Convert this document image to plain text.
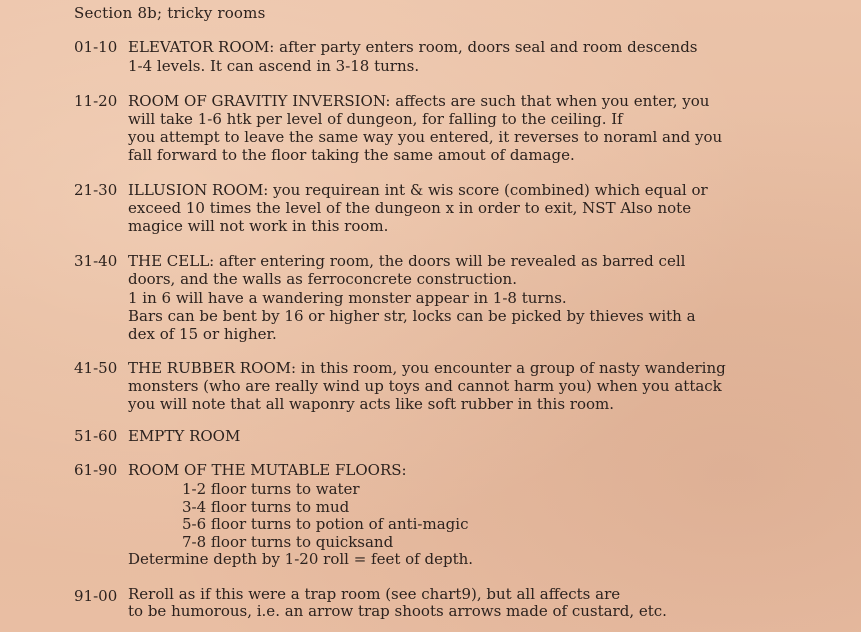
Section 8b; tricky rooms
01-10 ELEVATOR ROOM: after party enters room, doors seal and room descends
1-4 levels. It can ascend in 3-18 turns.
11-20 ROOM OF GRAVITIY INVERSION: affects are such that when you enter, you
will take 1-6 htk per level of dungeon, for falling to the ceiling. If
you attempt to leave the same way you entered, it reverses to noraml and you
fall forward to the floor taking the same amout of damage.
21-30 ILLUSION ROOM: you requirean int & wis score (combined) which equal or
exceed 10 times the level of the dungeon x in order to exit, NST Also note
magice will not work in this room.
31-40 THE CELL: after entering room, the doors will be revealed as barred cell
doors, and the walls as ferroconcrete construction.
1 in 6 will have a wandering monster appear in 1-8 turns.
Bars can be bent by 16 or higher str, locks can be picked by thieves with a
dex of 15 or higher.
41-50 THE RUBBER ROOM: in this room, you encounter a group of nasty wandering
monsters (who are really wind up toys and cannot harm you) when you attack
you will note that all waponry acts like soft rubber in this room.
51-60 EMPTY ROOM
61-90 ROOM OF THE MUTABLE FLOORS:
1-2 floor turns to water
3-4 floor turns to mud
5-6 floor turns to potion of anti-magic
7-8 floor turns to quicksand
Determine depth by 1-20 roll = feet of depth.
91-00 Reroll as if this were a trap room (see chart9), but all affects are
to be humorous, i.e. an arrow trap shoots arrows made of custard, etc.
